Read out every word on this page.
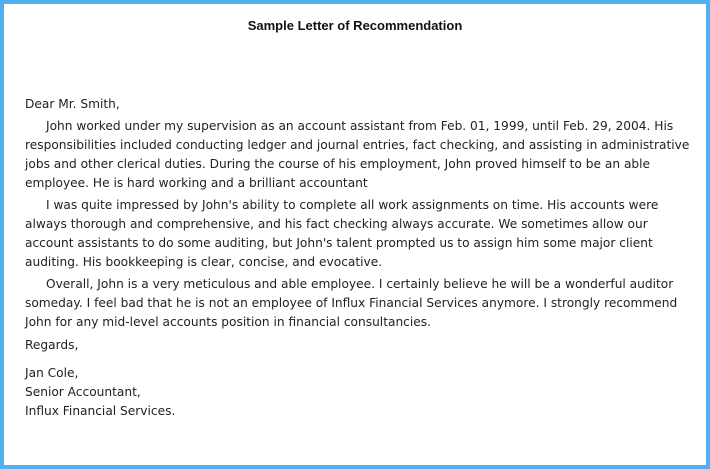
Sample Letter of Recommendation

Dear Mr. Smith,

John worked under my supervision as an account assistant from Feb. 01, 1999, until Feb. 29, 2004. His responsibilities included conducting ledger and journal entries, fact checking, and assisting in administrative jobs and other clerical duties. During the course of his employment, John proved himself to be an able employee. He is hard working and a brilliant accountant

I was quite impressed by John's ability to complete all work assignments on time. His accounts were always thorough and comprehensive, and his fact checking always accurate. We sometimes allow our account assistants to do some auditing, but John's talent prompted us to assign him some major client auditing. His bookkeeping is clear, concise, and evocative.

Overall, John is a very meticulous and able employee. I certainly believe he will be a wonderful auditor someday. I feel bad that he is not an employee of Influx Financial Services anymore. I strongly recommend John for any mid-level accounts position in financial consultancies.

Regards,

Jan Cole,
Senior Accountant,
Influx Financial Services.
